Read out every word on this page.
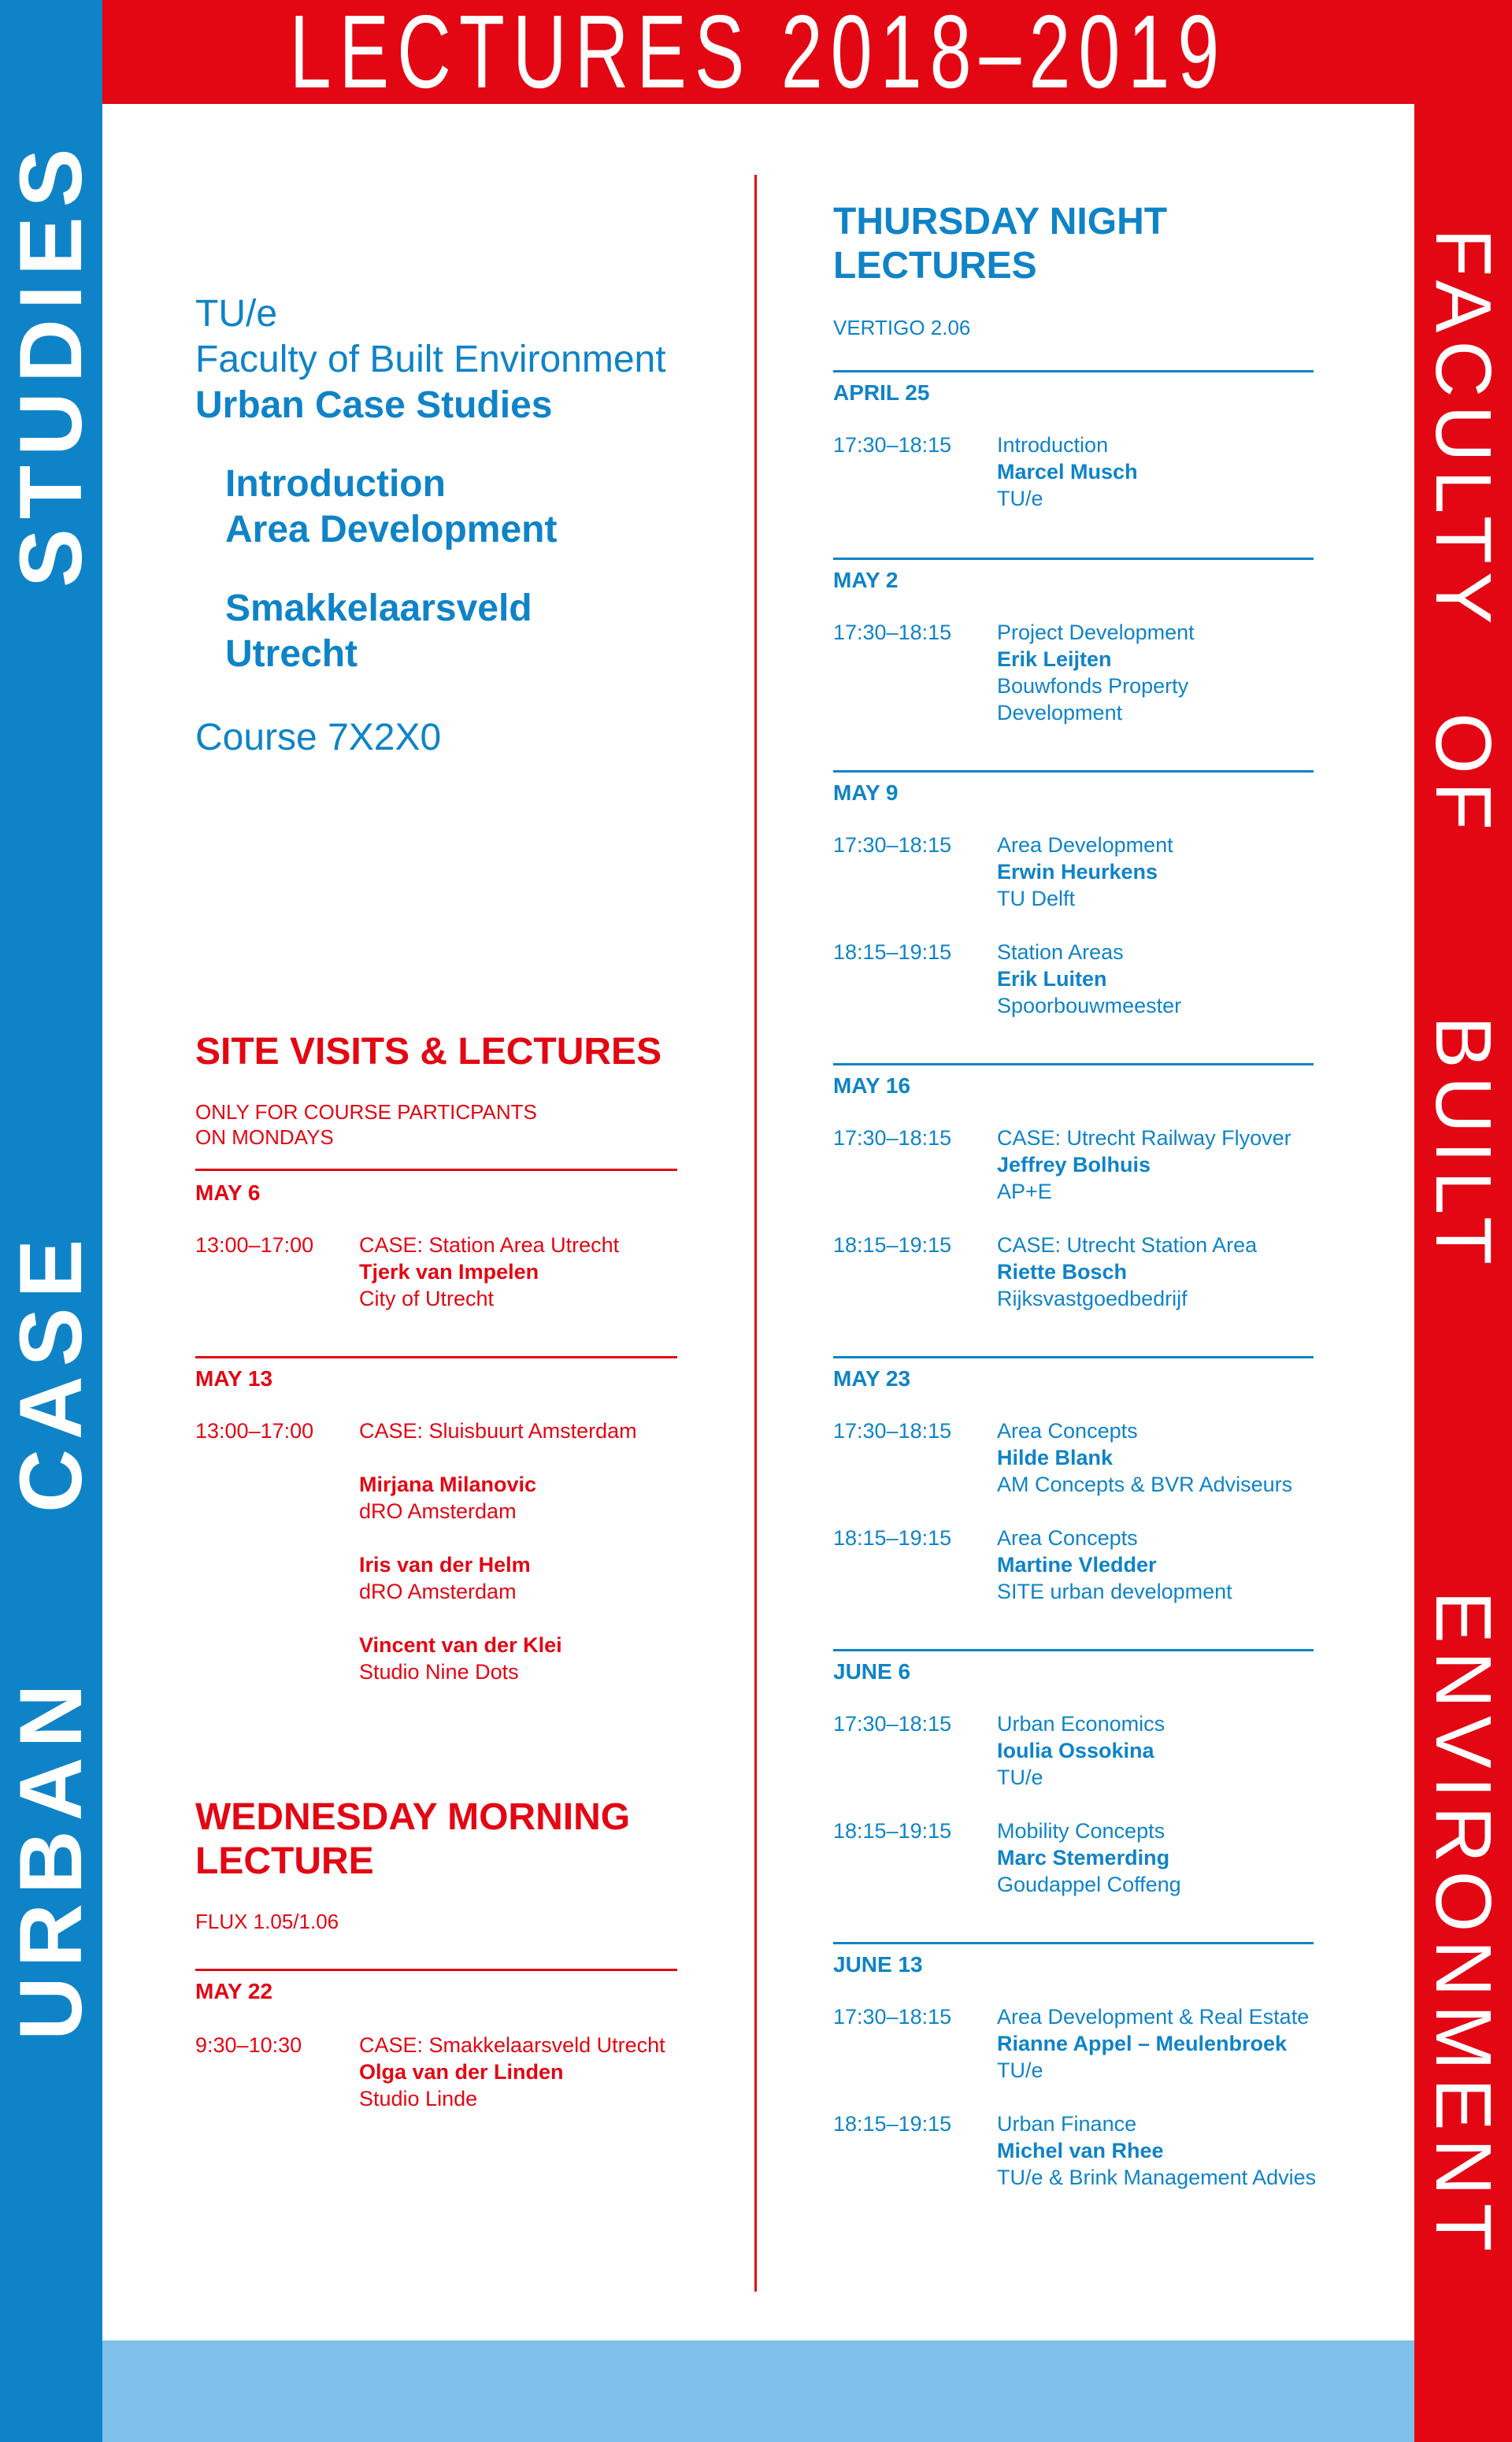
LECTURES 2018–2019
URBAN
CASE
STUDIES	FACULTY
OF
BUILT
ENVIRONMENT
TU/e
Faculty of Built Environment
Urban Case Studies
Introduction
Area Development
Smakkelaarsveld
Utrecht
Course 7X2X0
SITE VISITS & LECTURES
ONLY FOR COURSE PARTICPANTS
ON MONDAYS
MAY 6
13:00–17:00 CASE: Station Area Utrecht
Tjerk van Impelen
City of Utrecht
MAY 13
13:00–17:00 CASE: Sluisbuurt Amsterdam
Mirjana Milanovic
dRO Amsterdam
Iris van der Helm
dRO Amsterdam
Vincent van der Klei
Studio Nine Dots
WEDNESDAY MORNING
LECTURE
FLUX 1.05/1.06
MAY 22
9:30–10:30	CASE: Smakkelaarsveld Utrecht
Olga van der Linden
Studio Linde
THURSDAY NIGHT
LECTURES
VERTIGO 2.06
APRIL 25
17:30–18:15 Introduction
Marcel Musch
TU/e
MAY 2
17:30–18:15 Project Development
Erik Leijten
Bouwfonds Property
Development
MAY 9
17:30–18:15 Area Development
Erwin Heurkens
TU Delft
18:15–19:15 Station Areas
Erik Luiten
Spoorbouwmeester
MAY 16
17:30–18:15 CASE: Utrecht Railway Flyover
Jeffrey Bolhuis
AP+E
18:15–19:15 CASE: Utrecht Station Area
Riette Bosch
Rijksvastgoedbedrijf
MAY 23
17:30–18:15 Area Concepts
Hilde Blank
AM Concepts & BVR Adviseurs
18:15–19:15 Area Concepts
Martine Vledder
SITE urban development
JUNE 6
17:30–18:15 Urban Economics
Ioulia Ossokina
TU/e
18:15–19:15 Mobility Concepts
Marc Stemerding
Goudappel Coffeng
JUNE 13
17:30–18:15 Area Development & Real Estate
Rianne Appel – Meulenbroek
TU/e
18:15–19:15 Urban Finance
Michel van Rhee
TU/e & Brink Management Advies
